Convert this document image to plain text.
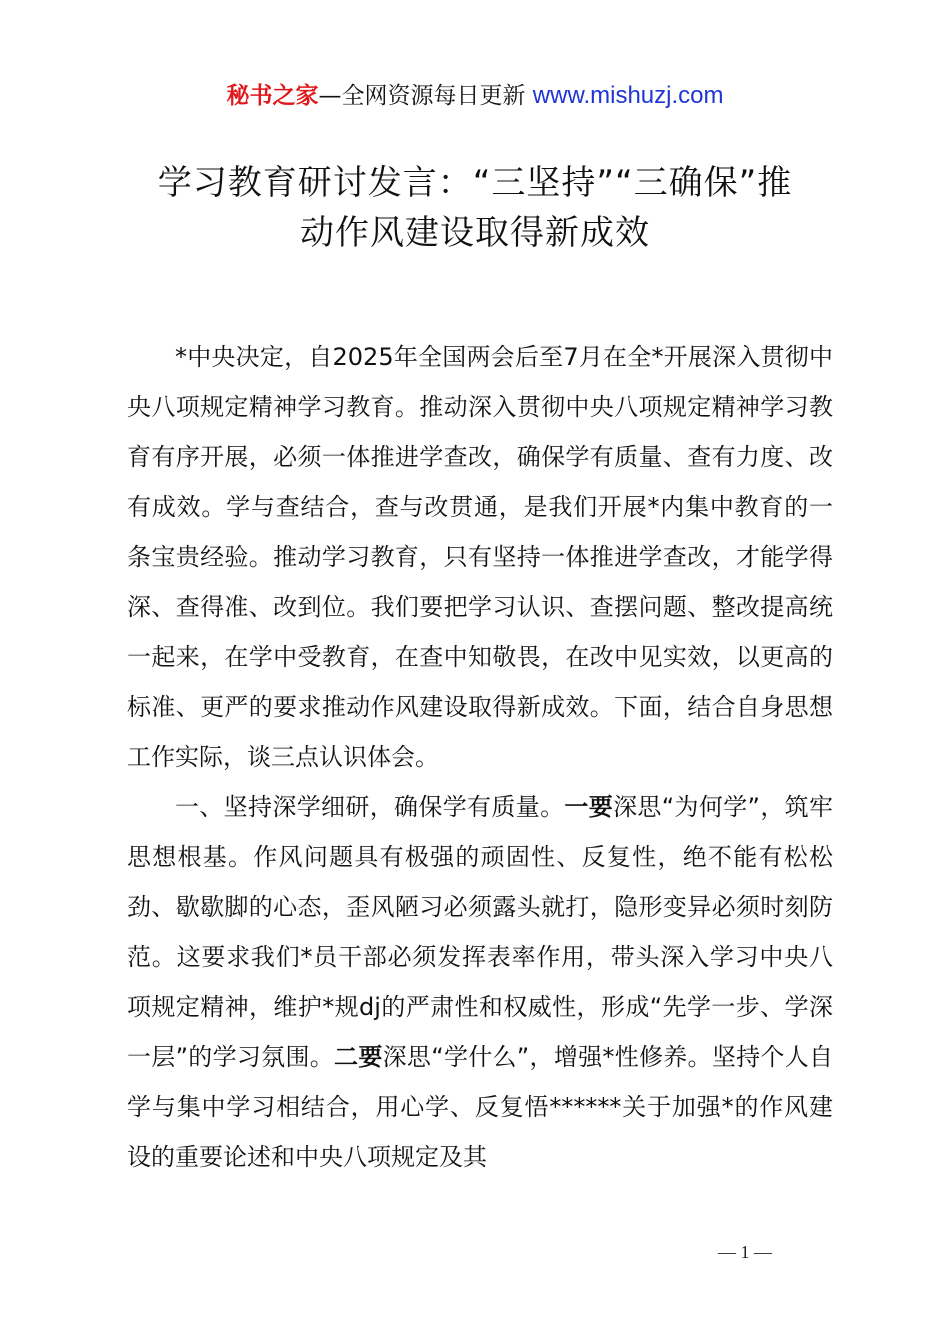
秘书之家—全网资源每日更新 www.mishuzj.com
学习教育研讨发言：“三坚持”“三确保”推
动作风建设取得新成效

*中央决定，自2025年全国两会后至7月在全*开展深入贯彻中央八项规定精神学习教育。推动深入贯彻中央八项规定精神学习教育有序开展，必须一体推进学查改，确保学有质量、查有力度、改有成效。学与查结合，查与改贯通，是我们开展*内集中教育的一条宝贵经验。推动学习教育，只有坚持一体推进学查改，才能学得深、查得准、改到位。我们要把学习认识、查摆问题、整改提高统一起来，在学中受教育，在查中知敬畏，在改中见实效，以更高的标准、更严的要求推动作风建设取得新成效。下面，结合自身思想工作实际，谈三点认识体会。

一、坚持深学细研，确保学有质量。一要深思“为何学”，筑牢思想根基。作风问题具有极强的顽固性、反复性，绝不能有松松劲、歇歇脚的心态，歪风陋习必须露头就打，隐形变异必须时刻防范。这要求我们*员干部必须发挥表率作用，带头深入学习中央八项规定精神，维护*规dj的严肃性和权威性，形成“先学一步、学深一层”的学习氛围。二要深思“学什么”，增强*性修养。坚持个人自学与集中学习相结合，用心学、反复悟******关于加强*的作风建设的重要论述和中央八项规定及其

— 1 —
